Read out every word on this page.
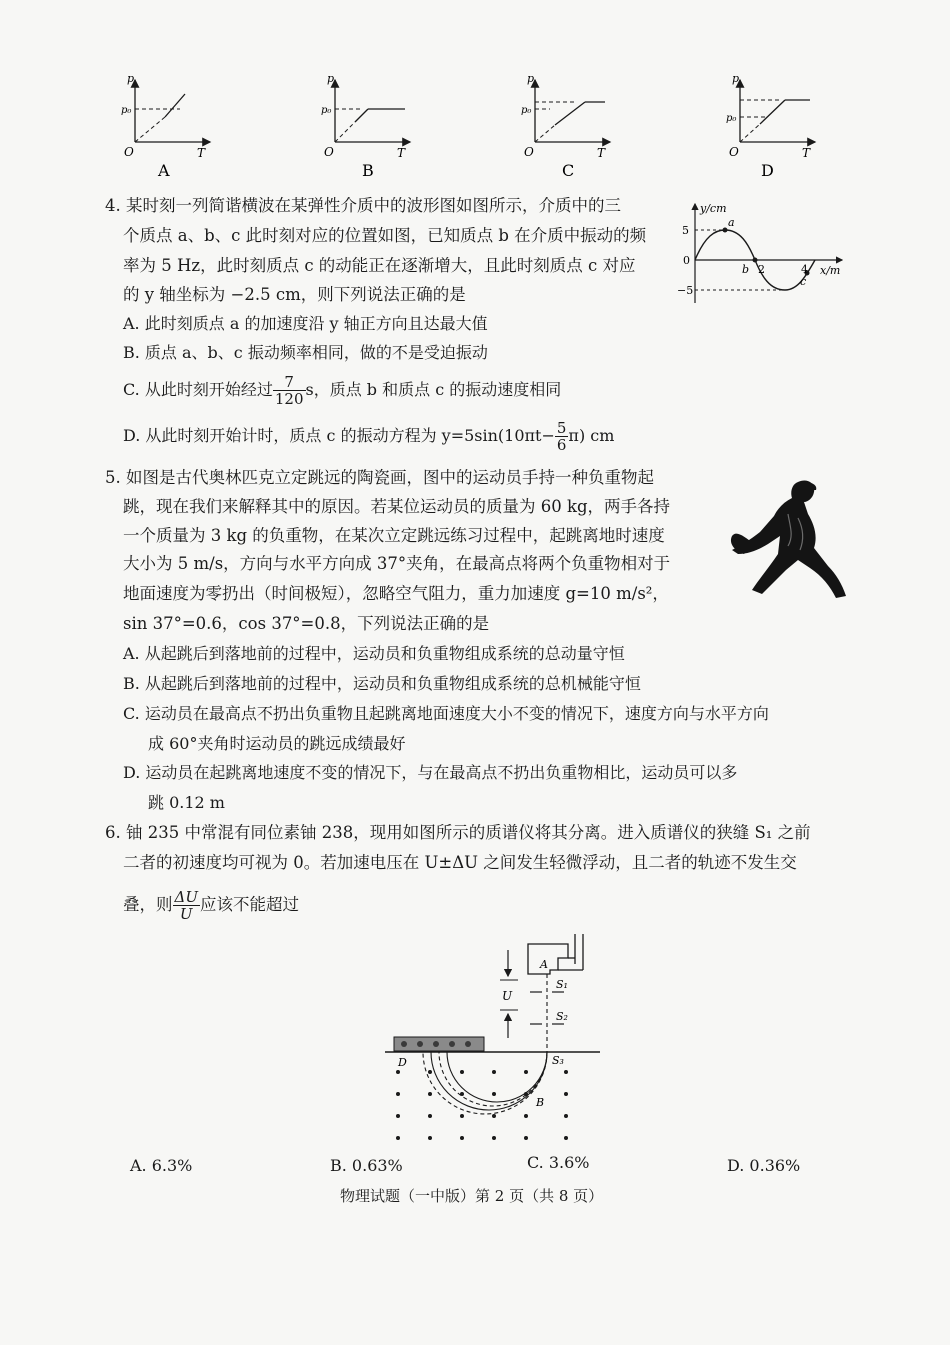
p
p₀
O	T
A
p
p₀
O	T
B
p
p₀
O	T
C
p
p₀
O	T
D
4. 某时刻一列简谐横波在某弹性介质中的波形图如图所示，介质中的三
个质点 a、b、c 此时刻对应的位置如图，已知质点 b 在介质中振动的频
率为 5 Hz，此时刻质点 c 的动能正在逐渐增大，且此时刻质点 c 对应
的 y 轴坐标为 −2.5 cm，则下列说法正确的是
A. 此时刻质点 a 的加速度沿 y 轴正方向且达最大值
B. 质点 a、b、c 振动频率相同，做的不是受迫振动
C. 从此时刻开始经过 $\frac{7}{120}$ s，质点 b 和质点 c 的振动速度相同
D. 从此时刻开始计时，质点 c 的振动方程为 $y=5\sin(10\pi t- \frac{5}{6} \pi)$ cm
y/cm
x/m
5
−5
0
a
b 2	4
c
5. 如图是古代奥林匹克立定跳远的陶瓷画，图中的运动员手持一种负重物起
跳，现在我们来解释其中的原因。若某位运动员的质量为 60 kg，两手各持
一个质量为 3 kg 的负重物，在某次立定跳远练习过程中，起跳离地时速度
大小为 5 m/s，方向与水平方向成 37°夹角，在最高点将两个负重物相对于
地面速度为零扔出（时间极短），忽略空气阻力，重力加速度 g=10 m/s²，
sin 37°=0.6，cos 37°=0.8，下列说法正确的是
A. 从起跳后到落地前的过程中，运动员和负重物组成系统的总动量守恒
B. 从起跳后到落地前的过程中，运动员和负重物组成系统的总机械能守恒
C. 运动员在最高点不扔出负重物且起跳离地面速度大小不变的情况下，速度方向与水平方向
成 60°夹角时运动员的跳远成绩最好
D. 运动员在起跳离地速度不变的情况下，与在最高点不扔出负重物相比，运动员可以多
跳 0.12 m
6. 铀 235 中常混有同位素铀 238，现用如图所示的质谱仪将其分离。进入质谱仪的狭缝 S₁ 之前
二者的初速度均可视为 0。若加速电压在 U±ΔU 之间发生轻微浮动，且二者的轨迹不发生交
叠，则 $\frac{\Delta U}{U}$ 应该不能超过
A
U
S₁
S₂
S₃
D
B
A. 6.3%	B. 0.63%	C. 3.6%	D. 0.36%
物理试题（一中版）第 2 页（共 8 页）
